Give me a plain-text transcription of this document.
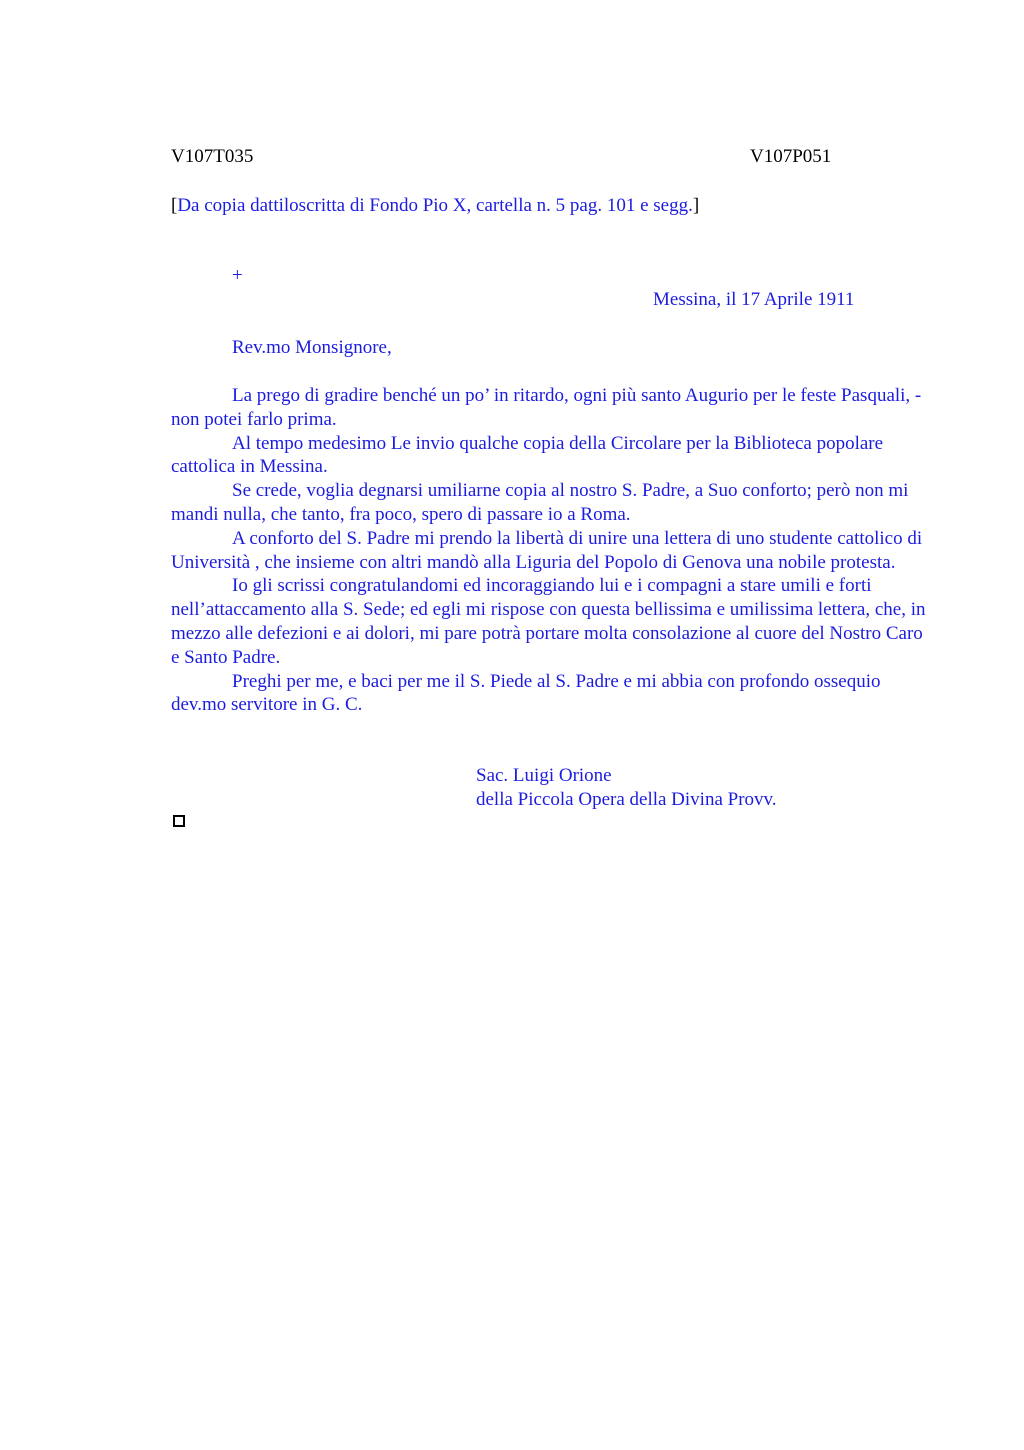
V107T035	V107P051
[Da copia dattiloscritta di Fondo Pio X, cartella n. 5 pag. 101 e segg.]
+
Messina, il 17 Aprile 1911
Rev.mo Monsignore,

La prego di gradire benché un po’ in ritardo, ogni più santo Augurio per le feste Pasquali, - non potei farlo prima.

Al tempo medesimo Le invio qualche copia della Circolare per la Biblioteca popolare cattolica in Messina.

Se crede, voglia degnarsi umiliarne copia al nostro S. Padre, a Suo conforto; però non mi mandi nulla, che tanto, fra poco, spero di passare io a Roma.

A conforto del S. Padre mi prendo la libertà di unire una lettera di uno studente cattolico di Università , che insieme con altri mandò alla Liguria del Popolo di Genova una nobile protesta.

Io gli scrissi congratulandomi ed incoraggiando lui e i compagni a stare umili e forti nell’attaccamento alla S. Sede; ed egli mi rispose con questa bellissima e umilissima lettera, che, in mezzo alle defezioni e ai dolori, mi pare potrà portare molta consolazione al cuore del Nostro Caro e Santo Padre.

Preghi per me, e baci per me il S. Piede al S. Padre e mi abbia con profondo ossequio dev.mo servitore in G. C.

Sac. Luigi Orione
della Piccola Opera della Divina Provv.
